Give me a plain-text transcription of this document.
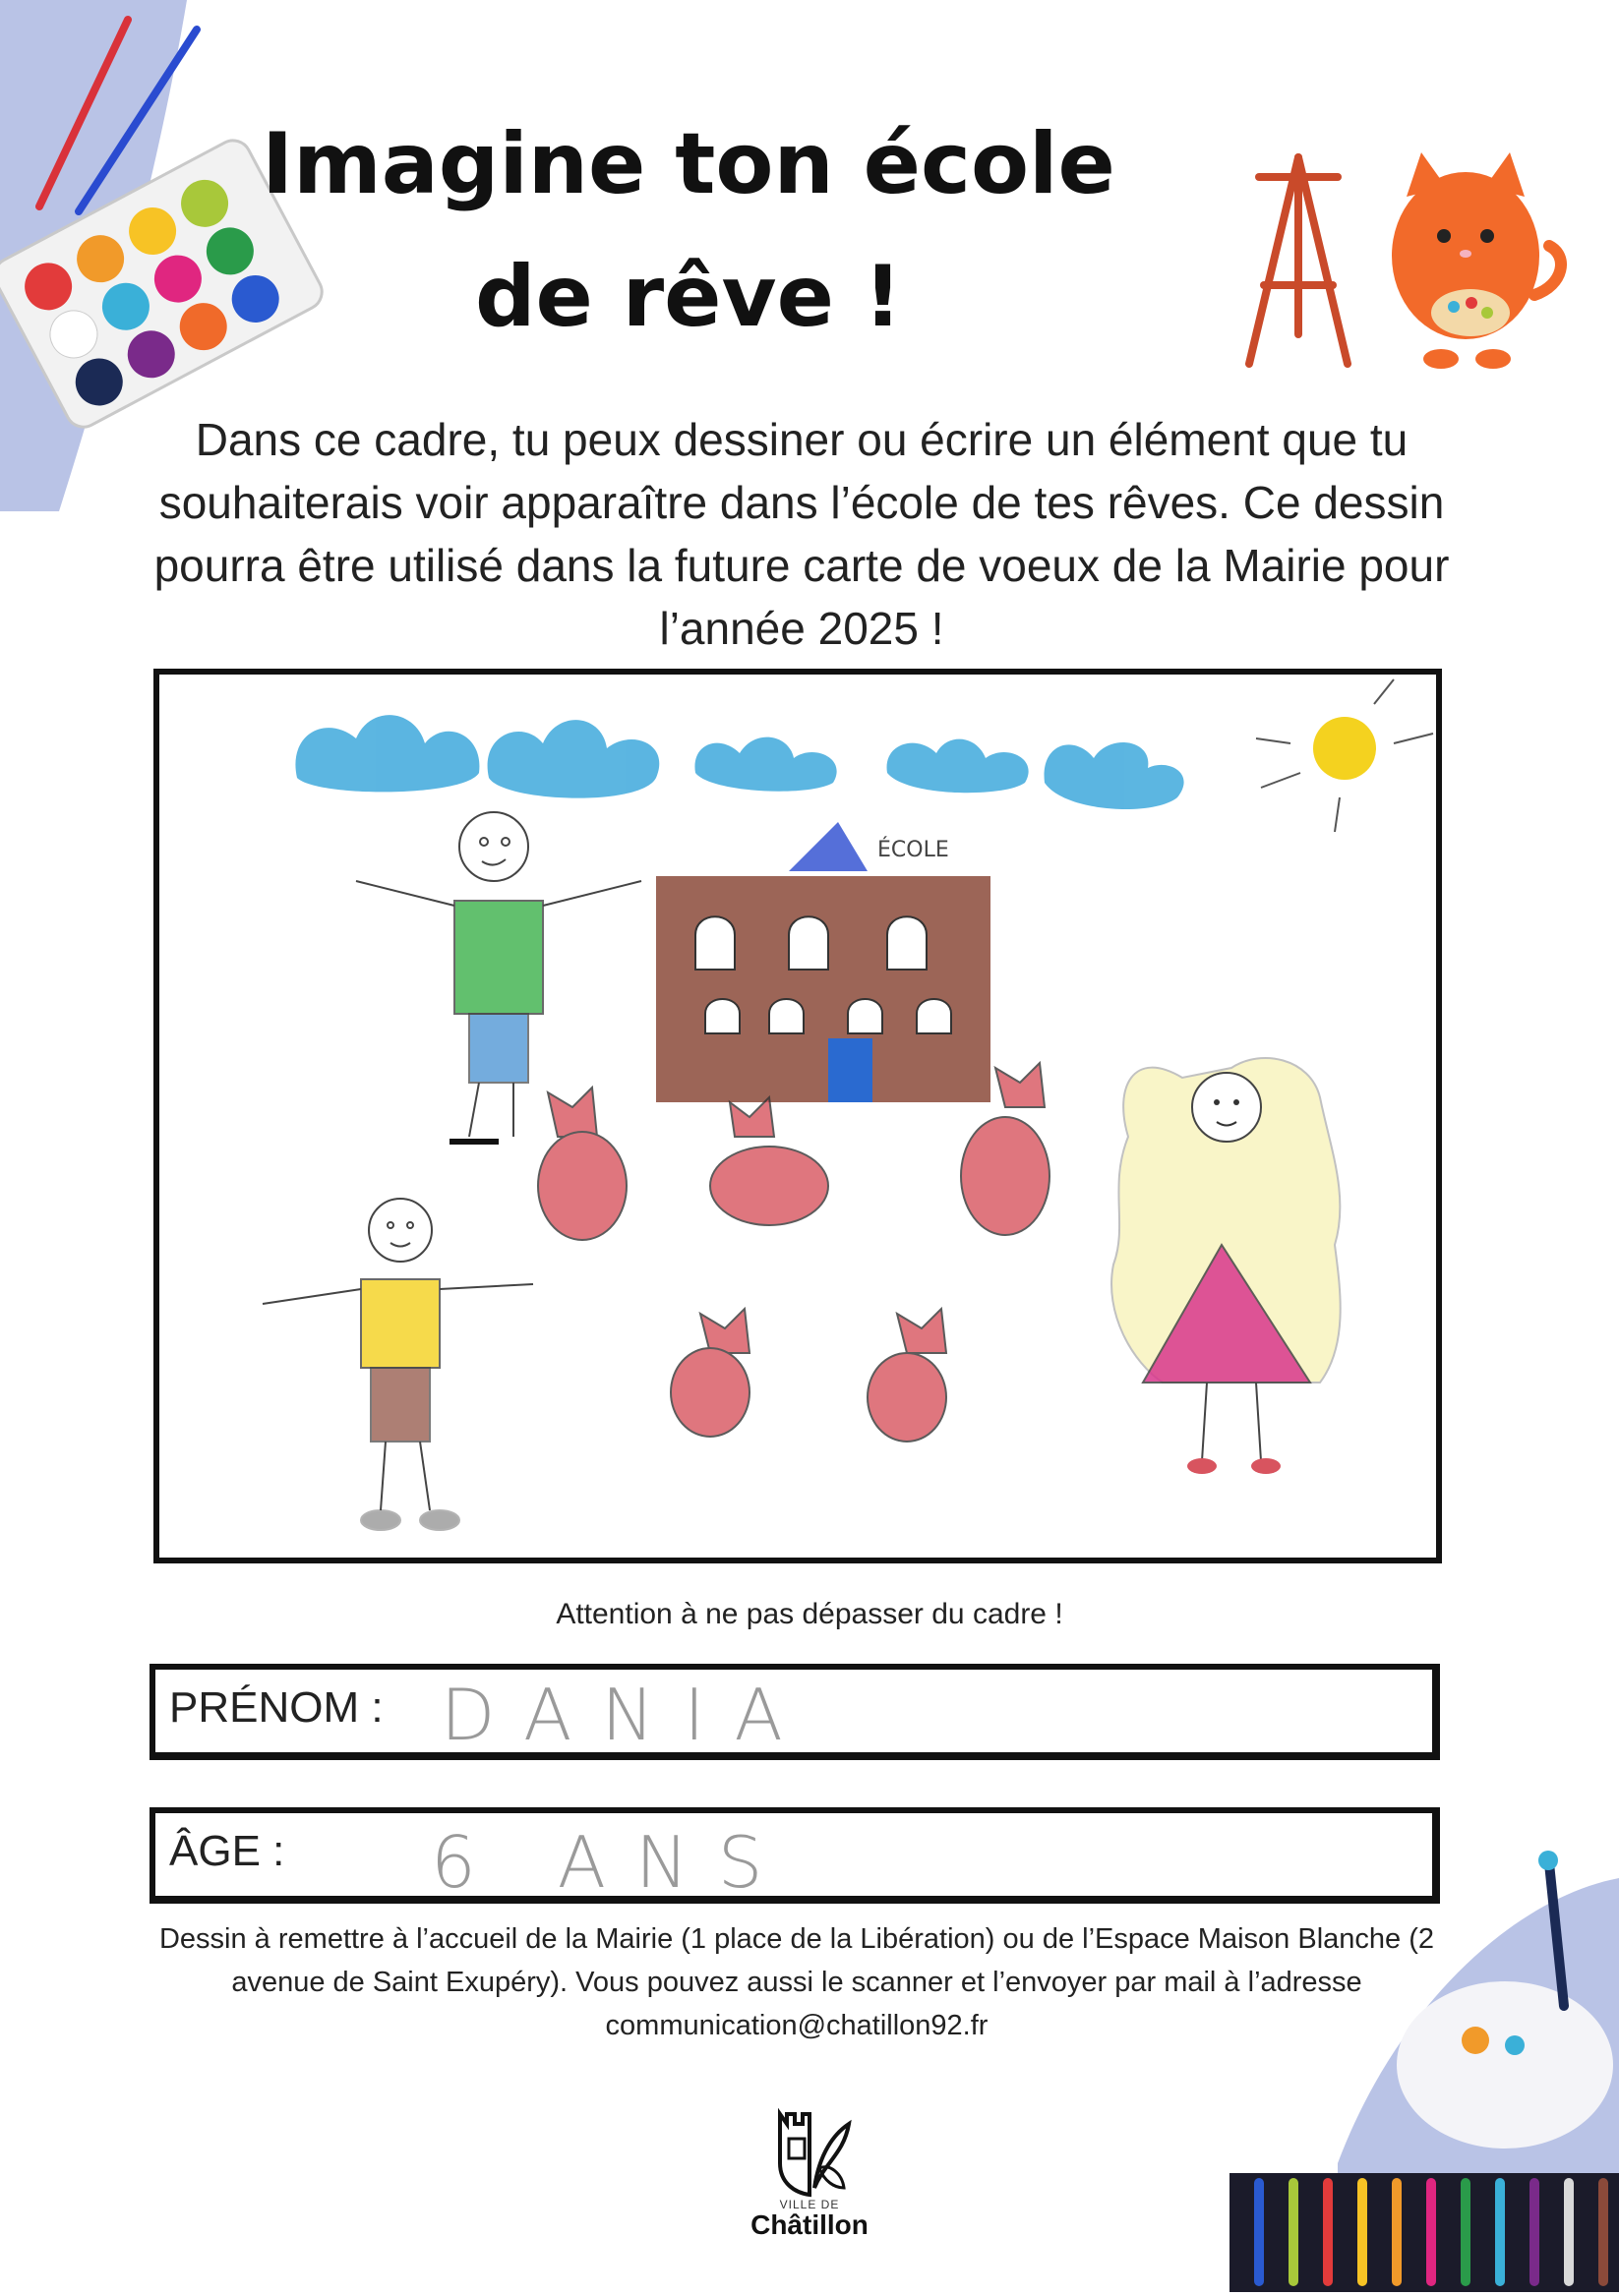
Imagine ton école
de rêve !
Dans ce cadre, tu peux dessiner ou écrire un élément que tu souhaiterais voir apparaître dans l’école de tes rêves. Ce dessin pourra être utilisé dans la future carte de voeux de la Mairie pour l’année 2025 !
ÉCOLE
Attention à ne pas dépasser du cadre !
PRÉNOM : DANIA
ÂGE : 6 ANS
Dessin à remettre à l’accueil de la Mairie (1 place de la Libération) ou de l’Espace Maison Blanche (2 avenue de Saint Exupéry). Vous pouvez aussi le scanner et l’envoyer par mail à l’adresse communication@chatillon92.fr
VILLE DE
Châtillon
